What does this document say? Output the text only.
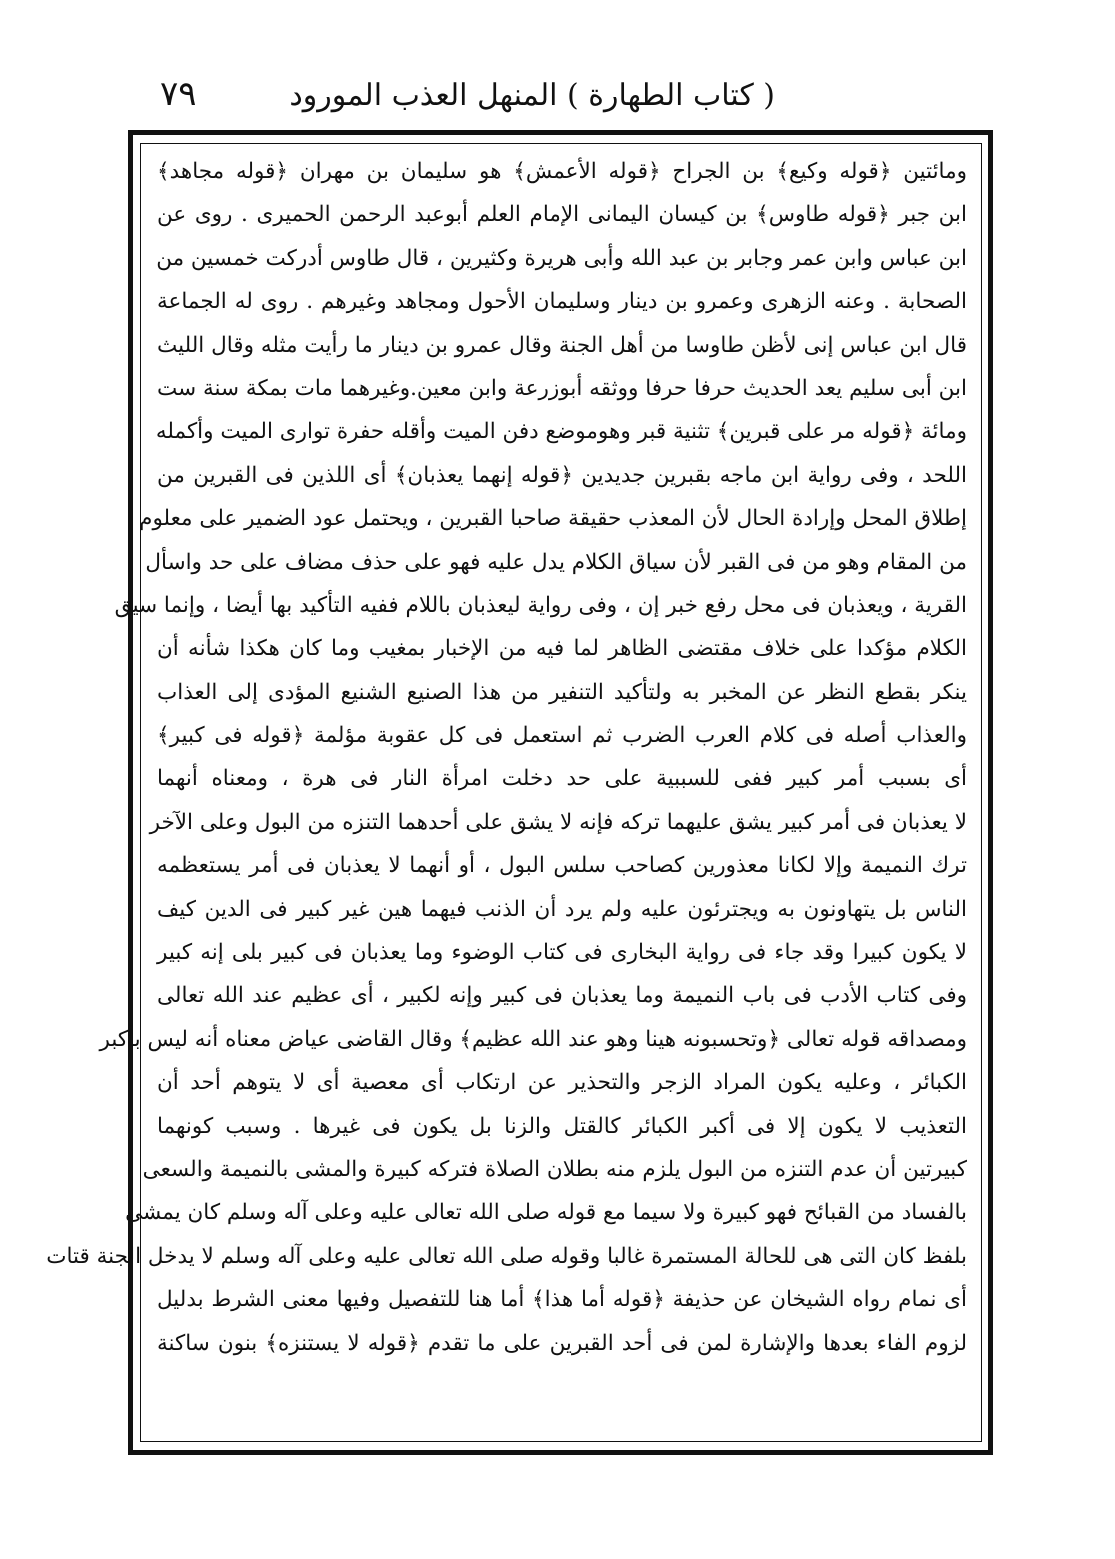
٧٩	( كتاب الطهارة ) المنهل العذب المورود
ومائتين ﴿قوله وكيع﴾ بن الجراح ﴿قوله الأعمش﴾ هو سليمان بن مهران ﴿قوله مجاهد﴾
ابن جبر ﴿قوله طاوس﴾ بن كيسان اليمانى الإمام العلم أبوعبد الرحمن الحميرى . روى عن
ابن عباس وابن عمر وجابر بن عبد الله وأبى هريرة وكثيرين ، قال طاوس أدركت خمسين من
الصحابة . وعنه الزهرى وعمرو بن دينار وسليمان الأحول ومجاهد وغيرهم . روى له الجماعة
قال ابن عباس إنى لأظن طاوسا من أهل الجنة وقال عمرو بن دينار ما رأيت مثله وقال الليث
ابن أبى سليم يعد الحديث حرفا حرفا ووثقه أبوزرعة وابن معين.وغيرهما مات بمكة سنة ست
ومائة ﴿قوله مر على قبرين﴾ تثنية قبر وهوموضع دفن الميت وأقله حفرة توارى الميت وأكمله
اللحد ، وفى رواية ابن ماجه بقبرين جديدين ﴿قوله إنهما يعذبان﴾ أى اللذين فى القبرين من
إطلاق المحل وإرادة الحال لأن المعذب حقيقة صاحبا القبرين ، ويحتمل عود الضمير على معلوم
من المقام وهو من فى القبر لأن سياق الكلام يدل عليه فهو على حذف مضاف على حد واسأل
القرية ، ويعذبان فى محل رفع خبر إن ، وفى رواية ليعذبان باللام ففيه التأكيد بها أيضا ، وإنما سيق
الكلام مؤكدا على خلاف مقتضى الظاهر لما فيه من الإخبار بمغيب وما كان هكذا شأنه أن
ينكر بقطع النظر عن المخبر به ولتأكيد التنفير من هذا الصنيع الشنيع المؤدى إلى العذاب
والعذاب أصله فى كلام العرب الضرب ثم استعمل فى كل عقوبة مؤلمة ﴿قوله فى كبير﴾
أى بسبب أمر كبير ففى للسببية على حد دخلت امرأة النار فى هرة ، ومعناه أنهما
لا يعذبان فى أمر كبير يشق عليهما تركه فإنه لا يشق على أحدهما التنزه من البول وعلى الآخر
ترك النميمة وإلا لكانا معذورين كصاحب سلس البول ، أو أنهما لا يعذبان فى أمر يستعظمه
الناس بل يتهاونون به ويجترئون عليه ولم يرد أن الذنب فيهما هين غير كبير فى الدين كيف
لا يكون كبيرا وقد جاء فى رواية البخارى فى كتاب الوضوء وما يعذبان فى كبير بلى إنه كبير
وفى كتاب الأدب فى باب النميمة وما يعذبان فى كبير وإنه لكبير ، أى عظيم عند الله تعالى
ومصداقه قوله تعالى ﴿وتحسبونه هينا وهو عند الله عظيم﴾ وقال القاضى عياض معناه أنه ليس بأكبر
الكبائر ، وعليه يكون المراد الزجر والتحذير عن ارتكاب أى معصية أى لا يتوهم أحد أن
التعذيب لا يكون إلا فى أكبر الكبائر كالقتل والزنا بل يكون فى غيرها . وسبب كونهما
كبيرتين أن عدم التنزه من البول يلزم منه بطلان الصلاة فتركه كبيرة والمشى بالنميمة والسعى
بالفساد من القبائح فهو كبيرة ولا سيما مع قوله صلى الله تعالى عليه وعلى آله وسلم كان يمشى
بلفظ كان التى هى للحالة المستمرة غالبا وقوله صلى الله تعالى عليه وعلى آله وسلم لا يدخل الجنة قتات
أى نمام رواه الشيخان عن حذيفة ﴿قوله أما هذا﴾ أما هنا للتفصيل وفيها معنى الشرط بدليل
لزوم الفاء بعدها والإشارة لمن فى أحد القبرين على ما تقدم ﴿قوله لا يستنزه﴾ بنون ساكنة
